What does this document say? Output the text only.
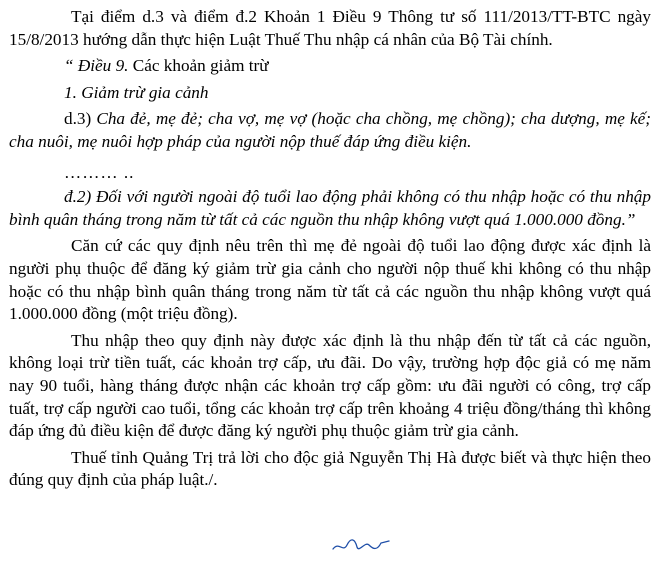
Tại điểm d.3 và điểm đ.2 Khoản 1 Điều 9 Thông tư số 111/2013/TT-BTC ngày 15/8/2013 hướng dẫn thực hiện Luật Thuế Thu nhập cá nhân của Bộ Tài chính.

“ Điều 9. Các khoản giảm trừ

1. Giảm trừ gia cảnh

d.3) Cha đẻ, mẹ đẻ; cha vợ, mẹ vợ (hoặc cha chồng, mẹ chồng); cha dượng, mẹ kế; cha nuôi, mẹ nuôi hợp pháp của người nộp thuế đáp ứng điều kiện.

……… ..

đ.2) Đối với người ngoài độ tuổi lao động phải không có thu nhập hoặc có thu nhập bình quân tháng trong năm từ tất cả các nguồn thu nhập không vượt quá 1.000.000 đồng.”

Căn cứ các quy định nêu trên thì mẹ đẻ ngoài độ tuổi lao động được xác định là người phụ thuộc để đăng ký giảm trừ gia cảnh cho người nộp thuế khi không có thu nhập hoặc có thu nhập bình quân tháng trong năm từ tất cả các nguồn thu nhập không vượt quá 1.000.000 đồng (một triệu đồng).

Thu nhập theo quy định này được xác định là thu nhập đến từ tất cả các nguồn, không loại trừ tiền tuất, các khoản trợ cấp, ưu đãi. Do vậy, trường hợp độc giả có mẹ năm nay 90 tuổi, hàng tháng được nhận các khoản trợ cấp gồm: ưu đãi người có công, trợ cấp tuất, trợ cấp người cao tuổi, tổng các khoản trợ cấp trên khoảng 4 triệu đồng/tháng thì không đáp ứng đủ điều kiện để được đăng ký người phụ thuộc giảm trừ gia cảnh.

Thuế tỉnh Quảng Trị trả lời cho độc giả Nguyễn Thị Hà được biết và thực hiện theo đúng quy định của pháp luật./.
